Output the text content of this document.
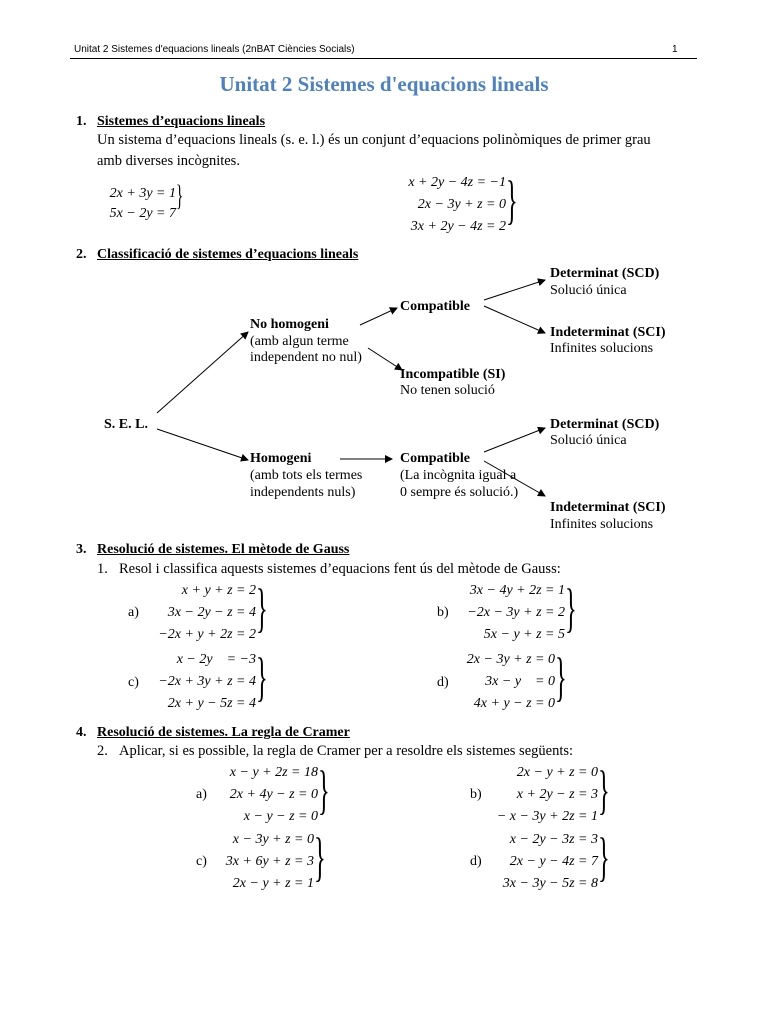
Unitat 2 Sistemes d'equacions lineals (2nBAT Ciències Socials)	1
Unitat 2 Sistemes d'equacions lineals
1. Sistemes d’equacions lineals
Un sistema d’equacions lineals (s. e. l.) és un conjunt d’equacions polinòmiques de primer grau
amb diverses incògnites.
2x + 3y = 1
5x − 2y = 7
}	x + 2y − 4z = −1
2x − 3y + z = 0
3x + 2y − 4z = 2 }
2. Classificació de sistemes d’equacions lineals
S. E. L.
No homogeni
(amb algun terme
independent no nul)
Homogeni
(amb tots els termes
independents nuls)
Compatible
Incompatible (SI)
No tenen solució
Compatible
(La incògnita igual a
0 sempre és solució.)
Determinat (SCD)
Solució única
Indeterminat (SCI)
Infinites solucions
Determinat (SCD)
Solució única
Indeterminat (SCI)
Infinites solucions
3. Resolució de sistemes. El mètode de Gauss
1. Resol i classifica aquests sistemes d’equacions fent ús del mètode de Gauss:
a)
x + y + z = 2
3x − 2y − z = 4
−2x + y + 2z = 2 }	b)
3x − 4y + 2z = 1
−2x − 3y + z = 2
5x − y + z = 5 }
c)
x − 2y    = −3
−2x + 3y + z = 4
2x + y − 5z = 4 }	d)
2x − 3y + z = 0
3x − y    = 0
4x + y − z = 0 }
4. Resolució de sistemes. La regla de Cramer
2. Aplicar, si es possible, la regla de Cramer per a resoldre els sistemes següents:
a)
x − y + 2z = 18
2x + 4y − z = 0
x − y − z = 0 }	b)
2x − y + z = 0
x + 2y − z = 3
− x − 3y + 2z = 1 }
c)
x − 3y + z = 0
3x + 6y + z = 3
2x − y + z = 1 }	d)
x − 2y − 3z = 3
2x − y − 4z = 7
3x − 3y − 5z = 8 }
